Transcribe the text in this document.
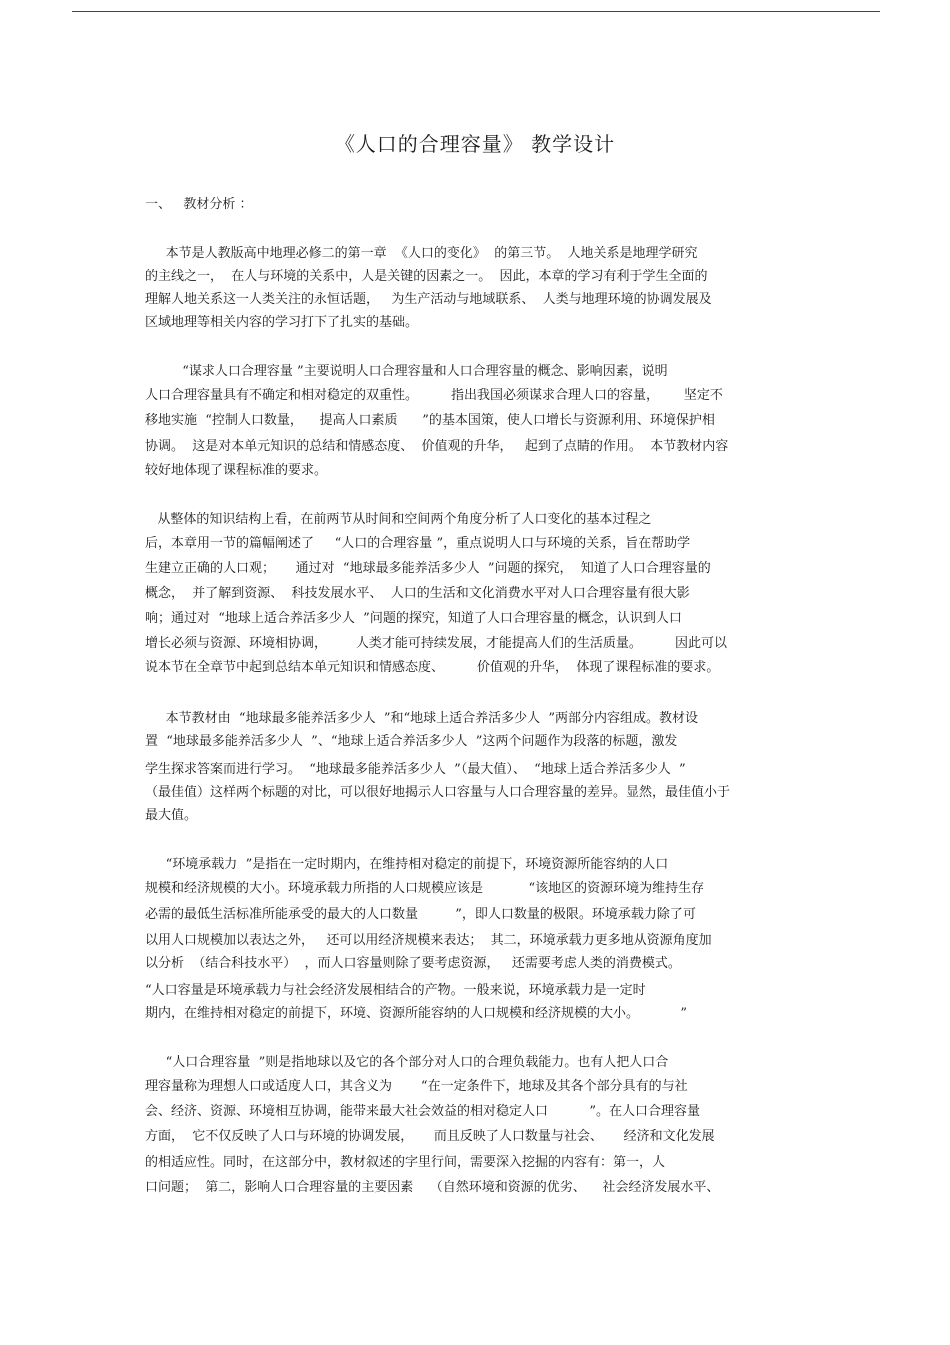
《人口的合理容量》 教学设计
一、   教材分析 ：
本节是人教版高中地理必修二的第一章  《人口的变化》  的第三节。  人地关系是地理学研究
的主线之一，  在人与环境的关系中，人是关键的因素之一。  因此，本章的学习有利于学生全面的
理解人地关系这一人类关注的永恒话题，   为生产活动与地域联系、  人类与地理环境的协调发展及
区域地理等相关内容的学习打下了扎实的基础。
“谋求人口合理容量 ”主要说明人口合理容量和人口合理容量的概念、影响因素，说明
人口合理容量具有不确定和相对稳定的双重性。        指出我国必须谋求合理人口的容量，      坚定不
移地实施  “控制人口数量，    提高人口素质      ”的基本国策，使人口增长与资源利用、环境保护相
协调。  这是对本单元知识的总结和情感态度、  价值观的升华，   起到了点睛的作用。  本节教材内容
较好地体现了课程标准的要求。
从整体的知识结构上看，在前两节从时间和空间两个角度分析了人口变化的基本过程之
后，本章用一节的篇幅阐述了     “人口的合理容量 ”，重点说明人口与环境的关系，旨在帮助学
生建立正确的人口观；     通过对  “地球最多能养活多少人  ”问题的探究，  知道了人口合理容量的
概念，  并了解到资源、  科技发展水平、  人口的生活和文化消费水平对人口合理容量有很大影
响；通过对  “地球上适合养活多少人  ”问题的探究，知道了人口合理容量的概念，认识到人口
增长必须与资源、环境相协调，       人类才能可持续发展，才能提高人们的生活质量。        因此可以
说本节在全章节中起到总结本单元知识和情感态度、        价值观的升华，  体现了课程标准的要求。
本节教材由  “地球最多能养活多少人  ”和“地球上适合养活多少人  ”两部分内容组成。教材设
置  “地球最多能养活多少人  ”、“地球上适合养活多少人  ”这两个问题作为段落的标题，激发
学生探求答案而进行学习。  “地球最多能养活多少人  ”（最大值）、  “地球上适合养活多少人  ”
（最佳值）这样两个标题的对比，可以很好地揭示人口容量与人口合理容量的差异。显然，最佳值小于
最大值。
“环境承载力  ”是指在一定时期内，在维持相对稳定的前提下，环境资源所能容纳的人口
规模和经济规模的大小。环境承载力所指的人口规模应该是           “该地区的资源环境为维持生存
必需的最低生活标准所能承受的最大的人口数量         ”，即人口数量的极限。环境承载力除了可
以用人口规模加以表达之外，   还可以用经济规模来表达；  其二，环境承载力更多地从资源角度加
以分析  （结合科技水平）  ，而人口容量则除了要考虑资源，   还需要考虑人类的消费模式。
“人口容量是环境承载力与社会经济发展相结合的产物。一般来说，环境承载力是一定时
期内，在维持相对稳定的前提下，环境、资源所能容纳的人口规模和经济规模的大小。          ”
“人口合理容量  ”则是指地球以及它的各个部分对人口的合理负载能力。也有人把人口合
理容量称为理想人口或适度人口，其含义为       “在一定条件下，地球及其各个部分具有的与社
会、经济、资源、环境相互协调，能带来最大社会效益的相对稳定人口          ”。在人口合理容量
方面，  它不仅反映了人口与环境的协调发展，     而且反映了人口数量与社会、     经济和文化发展
的相适应性。同时，在这部分中，教材叙述的字里行间，需要深入挖掘的内容有：第一，人
口问题；  第二，影响人口合理容量的主要因素    （自然环境和资源的优劣、    社会经济发展水平、
